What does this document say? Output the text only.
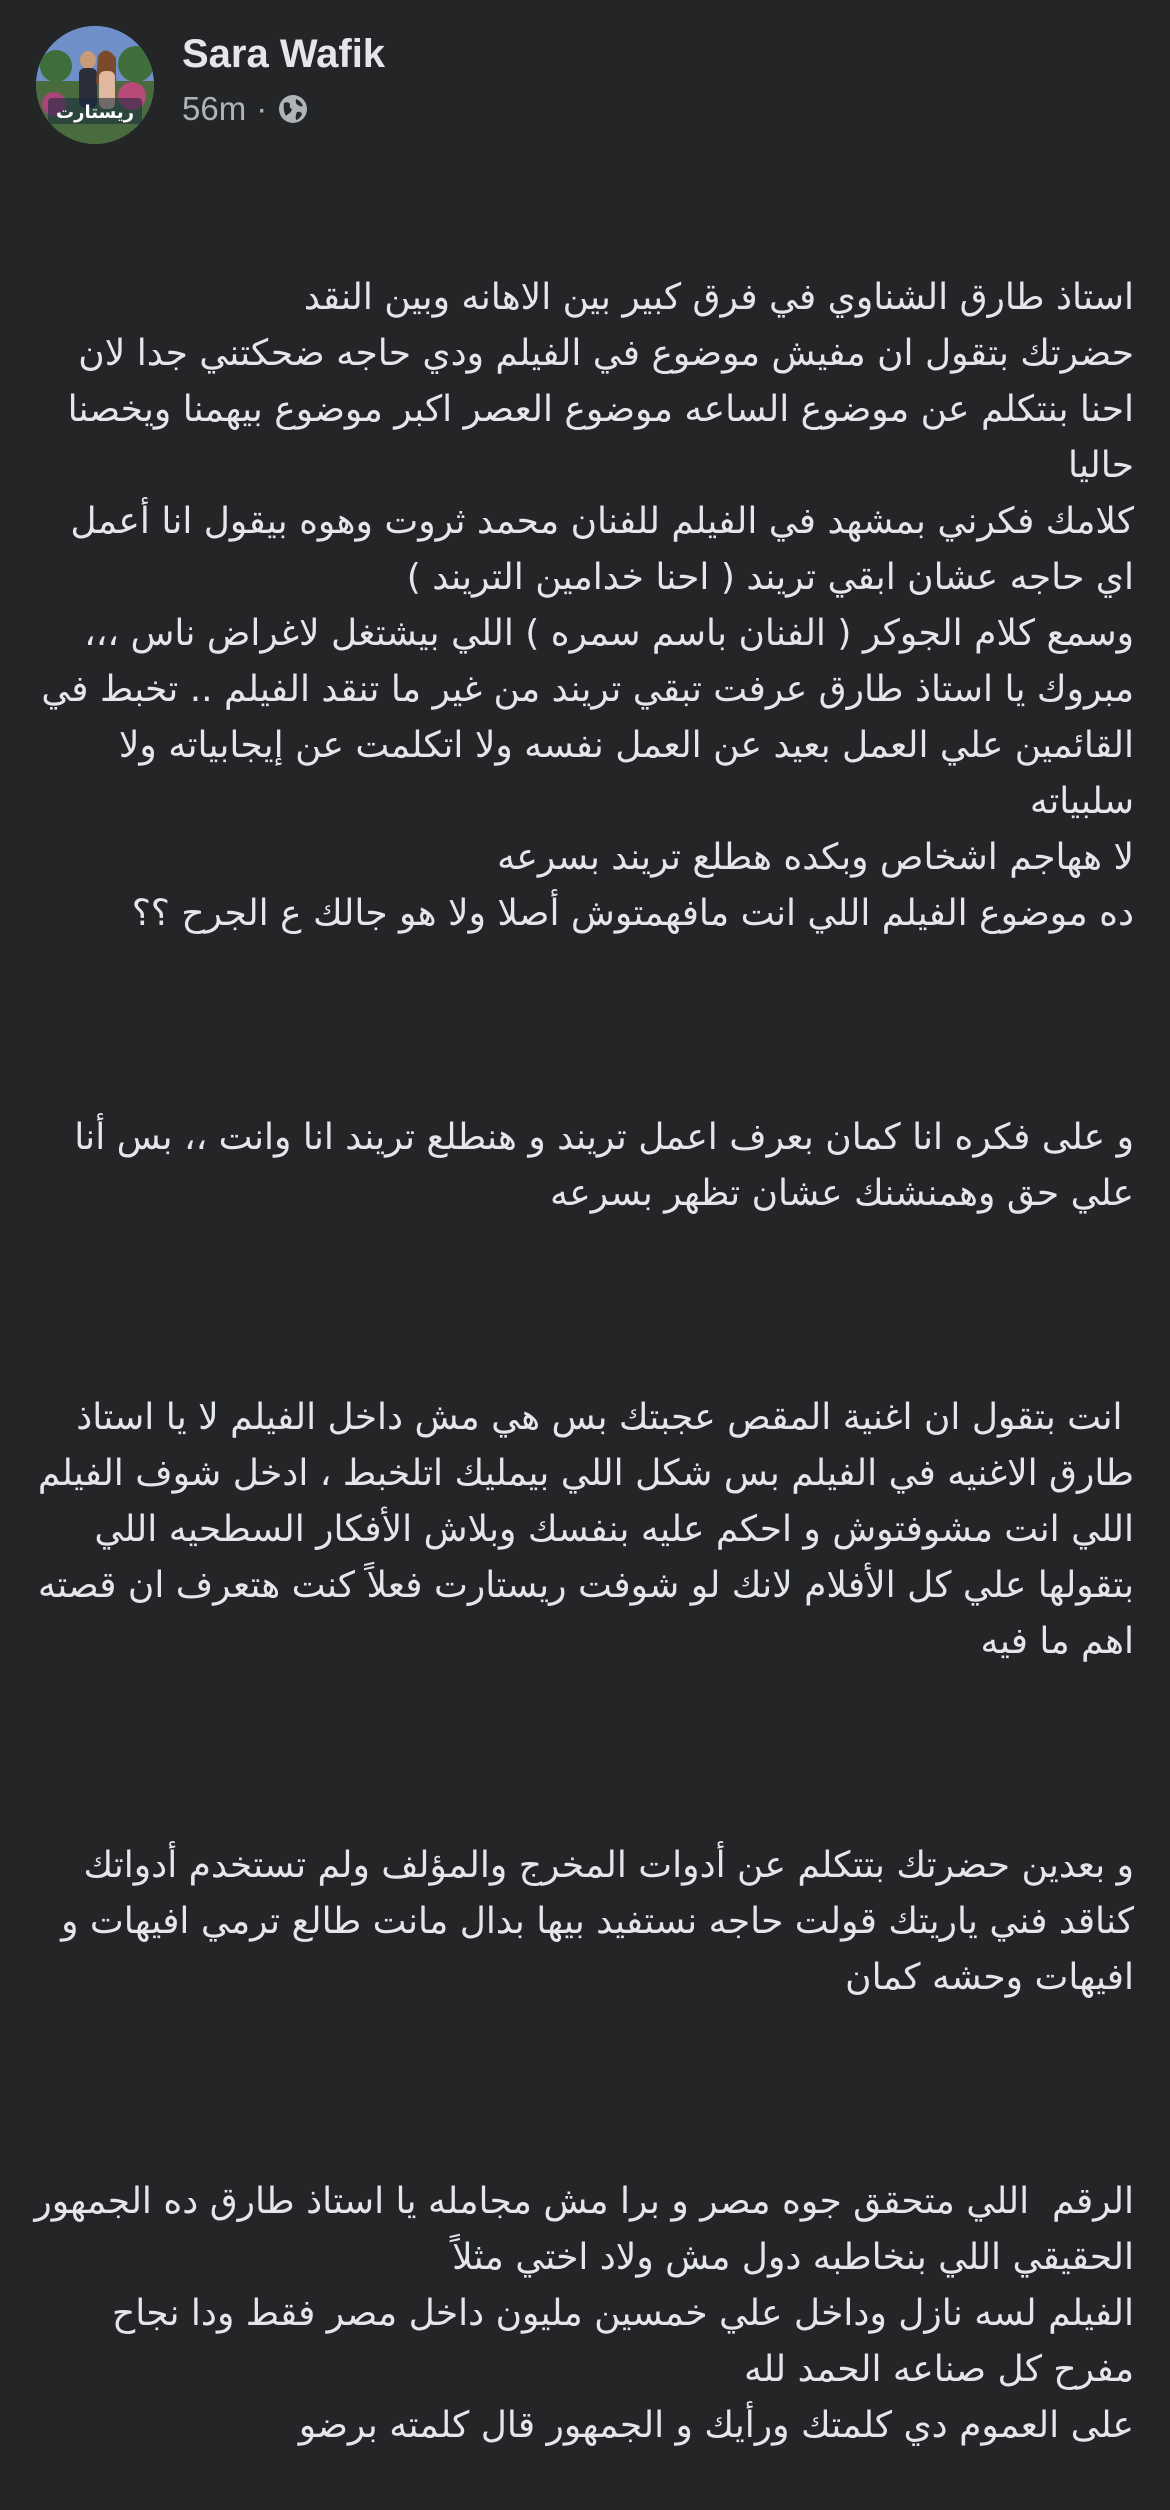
ريستارت
Sara Wafik
56m ·

استاذ طارق الشناوي في فرق كبير بين الاهانه وبين النقد
حضرتك بتقول ان مفيش موضوع في الفيلم ودي حاجه ضحكتني جدا لان احنا بنتكلم عن موضوع الساعه موضوع العصر اكبر موضوع بيهمنا ويخصنا حاليا
كلامك فكرني بمشهد في الفيلم للفنان محمد ثروت وهوه بيقول انا أعمل اي حاجه عشان ابقي تريند ( احنا خدامين التريند )
وسمع كلام الجوكر ( الفنان باسم سمره ) اللي بيشتغل لاغراض ناس ،،، مبروك يا استاذ طارق عرفت تبقي تريند من غير ما تنقد الفيلم .. تخبط في القائمين علي العمل بعيد عن العمل نفسه ولا اتكلمت عن إيجابياته ولا سلبياته
لا ههاجم اشخاص وبكده هطلع تريند بسرعه
ده موضوع الفيلم اللي انت مافهمتوش أصلا ولا هو جالك ع الجرح ؟؟

و على فكره انا كمان بعرف اعمل تريند و هنطلع تريند انا وانت ،، بس أنا علي حق وهمنشنك عشان تظهر بسرعه

انت بتقول ان اغنية المقص عجبتك بس هي مش داخل الفيلم لا يا استاذ طارق الاغنيه في الفيلم بس شكل اللي بيمليك اتلخبط ، ادخل شوف الفيلم اللي انت مشوفتوش و احكم عليه بنفسك وبلاش الأفكار السطحيه اللي بتقولها علي كل الأفلام لانك لو شوفت ريستارت فعلاً كنت هتعرف ان قصته اهم ما فيه

و بعدين حضرتك بتتكلم عن أدوات المخرج والمؤلف ولم تستخدم أدواتك كناقد فني ياريتك قولت حاجه نستفيد بيها بدال مانت طالع ترمي افيهات و افيهات وحشه كمان

الرقم  اللي متحقق جوه مصر و برا مش مجامله يا استاذ طارق ده الجمهور الحقيقي اللي بنخاطبه دول مش ولاد اختي مثلاً
الفيلم لسه نازل وداخل علي خمسين مليون داخل مصر فقط ودا نجاح مفرح كل صناعه الحمد لله
على العموم دي كلمتك ورأيك و الجمهور قال كلمته برضو
